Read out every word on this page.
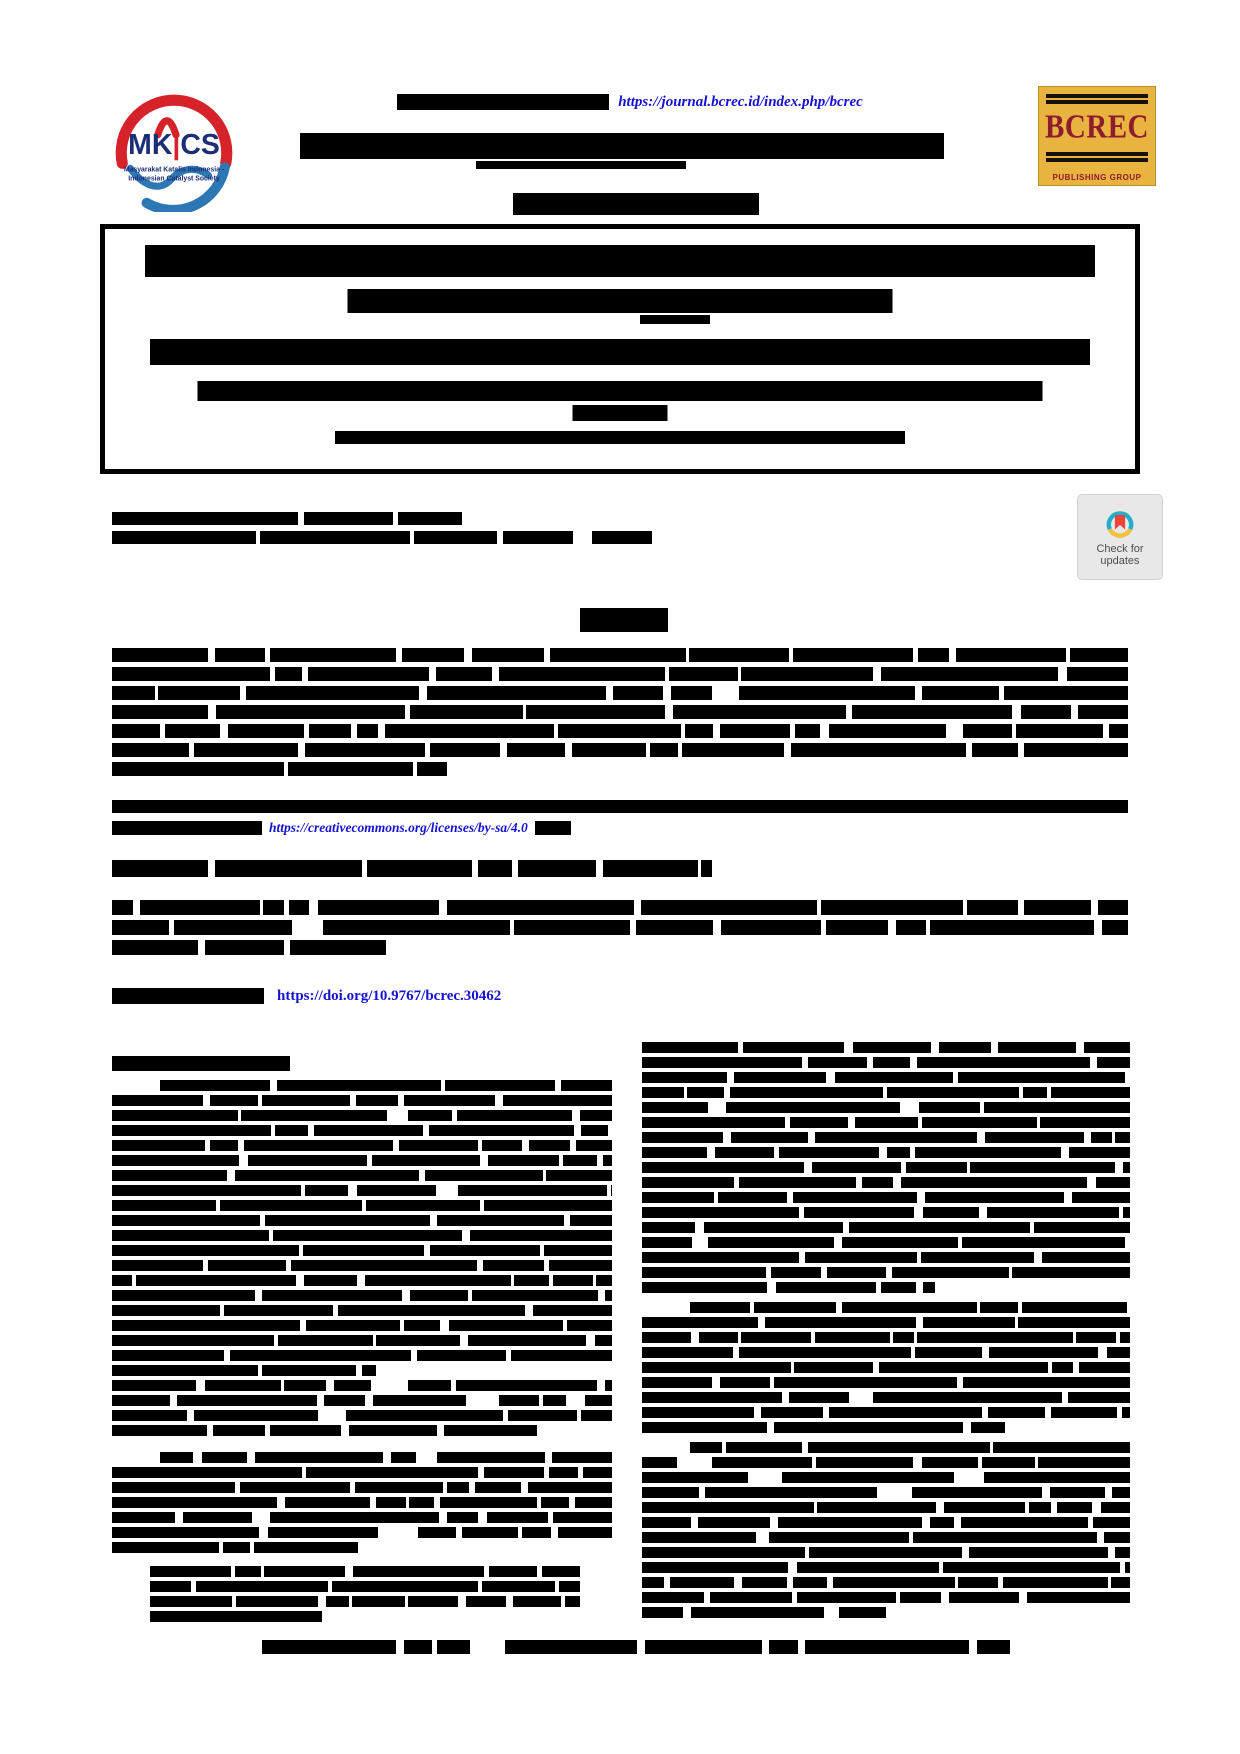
MK|CS
Masyarakat Katalis Indonesia -
Indonesian Catalyst Society
BCREC
PUBLISHING GROUP
https://journal.bcrec.id/index.php/bcrec
Check for
updates
https://creativecommons.org/licenses/by-sa/4.0
https://doi.org/10.9767/bcrec.30462
